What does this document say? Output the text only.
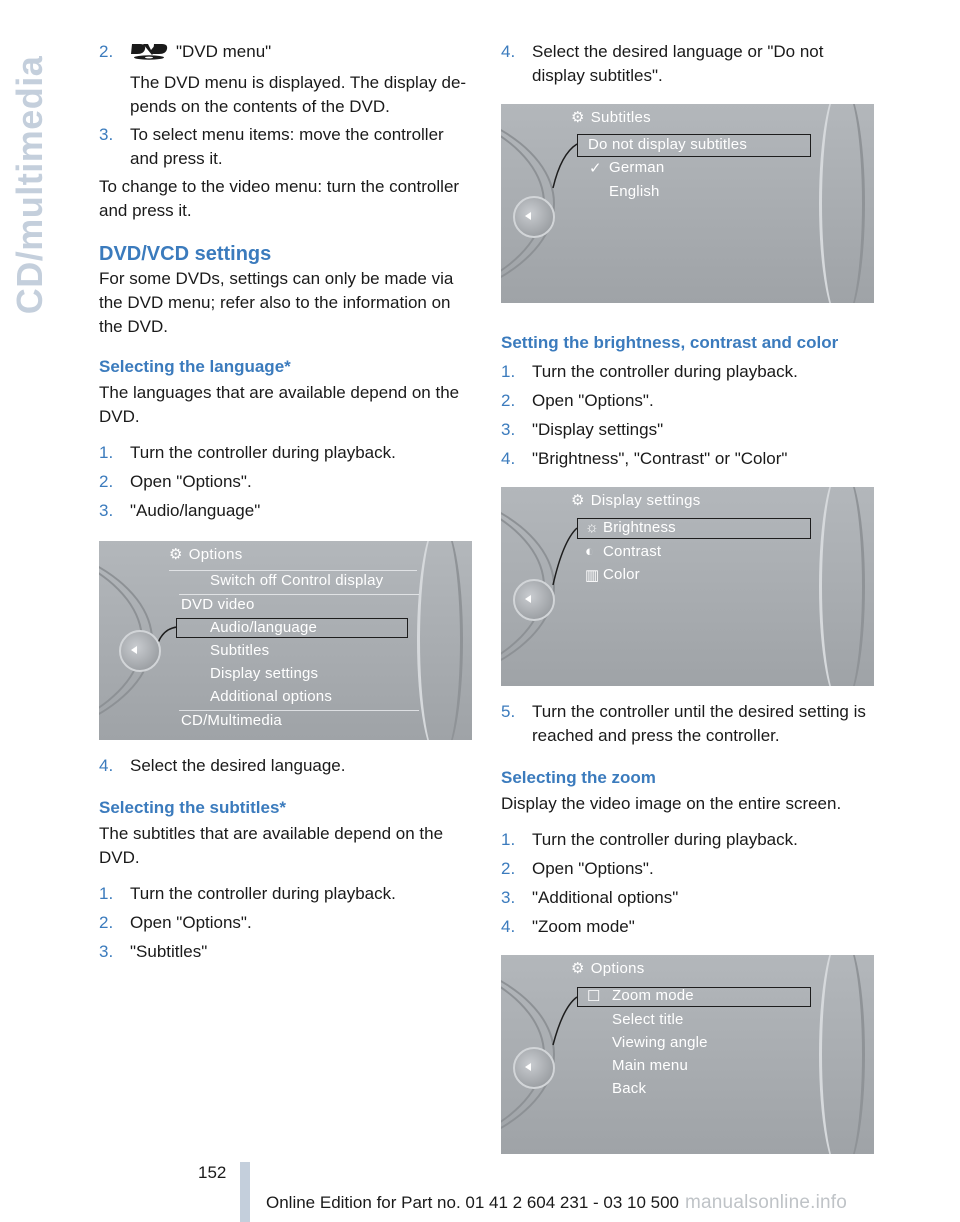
CD/multimedia
2.	"DVD menu"

The DVD menu is displayed. The display de-pends on the contents of the DVD.

3. To select menu items: move the controller and press it.

To change to the video menu: turn the controller and press it.

DVD/VCD settings

For some DVDs, settings can only be made via the DVD menu; refer also to the information on the DVD.

Selecting the language*

The languages that are available depend on the DVD.

1. Turn the controller during playback.
2. Open "Options".
3. "Audio/language"
⚙ Options
Switch off Control display
DVD video
Audio/language
Subtitles
Display settings
Additional options
CD/Multimedia
4. Select the desired language.
Selecting the subtitles*

The subtitles that are available depend on the DVD.

1. Turn the controller during playback.
2. Open "Options".
3. "Subtitles"
4. Select the desired language or "Do not display subtitles".
⚙ Subtitles
Do not display subtitles
✓ German
English
Setting the brightness, contrast and color
1. Turn the controller during playback.
2. Open "Options".
3. "Display settings"
4. "Brightness", "Contrast" or "Color"
⚙ Display settings
☼ Brightness
◐ Contrast
▥ Color
5. Turn the controller until the desired setting is reached and press the controller.
Selecting the zoom

Display the video image on the entire screen.

1. Turn the controller during playback.
2. Open "Options".
3. "Additional options"
4. "Zoom mode"
⚙ Options
☐ Zoom mode
Select title
Viewing angle
Main menu
Back
152
Online Edition for Part no. 01 41 2 604 231 - 03 10 500 manualsonline.info
